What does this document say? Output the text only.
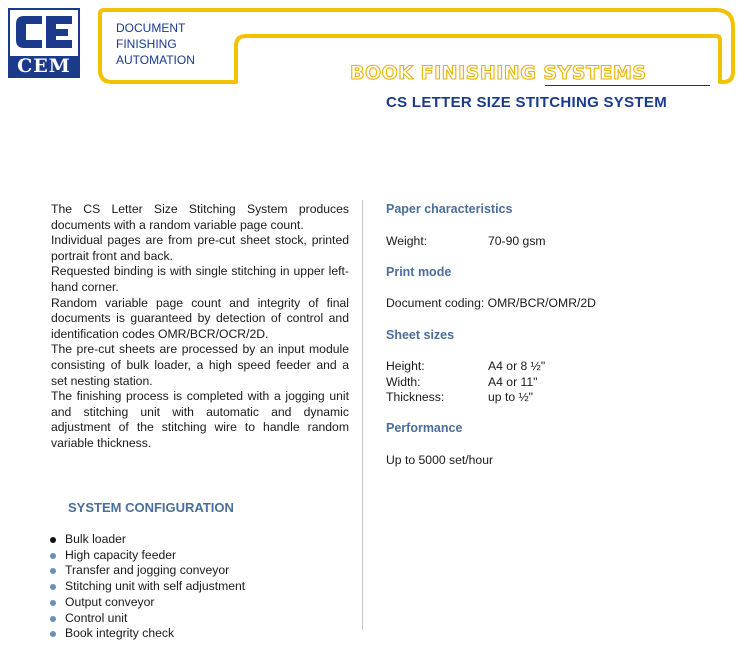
CEM
DOCUMENT
FINISHING
AUTOMATION
BOOK FINISHING SYSTEMS
CS LETTER SIZE STITCHING SYSTEM

The CS Letter Size Stitching System produces documents with a random variable page count.

Individual pages are from pre-cut sheet stock, printed portrait front and back.

Requested binding is with single stitching in upper left-hand corner.

Random variable page count and integrity of final documents is guaranteed by detection of control and identification codes OMR/BCR/OCR/2D.

The pre-cut sheets are processed by an input module consisting of bulk loader, a high speed feeder and a set nesting station.

The finishing process is completed with a jogging unit and stitching unit with automatic and dynamic adjustment of the stitching wire to handle random variable thickness.

SYSTEM CONFIGURATION
Bulk loader
High capacity feeder
Transfer and jogging conveyor
Stitching unit with self adjustment
Output conveyor
Control unit
Book integrity check
Paper characteristics
Weight:	70-90 gsm
Print mode
Document coding: OMR/BCR/OMR/2D
Sheet sizes
Height:	A4 or 8 ½"
Width:	A4 or 11"
Thickness:	up to ½"
Performance
Up to 5000 set/hour
